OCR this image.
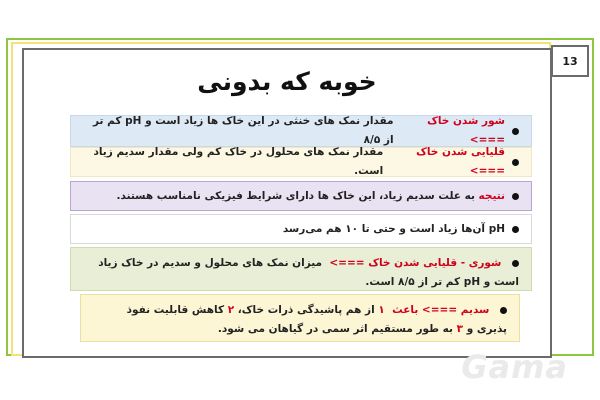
13
خوبه که بدونی
شور شدن خاک ===>

مقدار نمک های خنثی در این خاک ها زیاد است و pH کم تر از ۸/۵
قلیایی شدن خاک ===>

مقدار نمک های محلول در خاک کم ولی مقدار سدیم زیاد است.
نتیجه

به علت سدیم زیاد، این خاک ها دارای شرایط فیزیکی نامناسب هستند.
pH آن‌ها زیاد است و حتی تا ۱۰ هم می‌رسد
شوری - قلیایی شدن خاک ===>  میزان نمک های محلول و سدیم در خاک زیاد است و pH کم تر از ۸/۵ است.
سدیم ===> باعث  ۱ از هم پاشیدگی ذرات خاک، ۲ کاهش قابلیت نفوذ پذیری و ۳ به طور مستقیم اثر سمی در گیاهان می شود.
Gama
